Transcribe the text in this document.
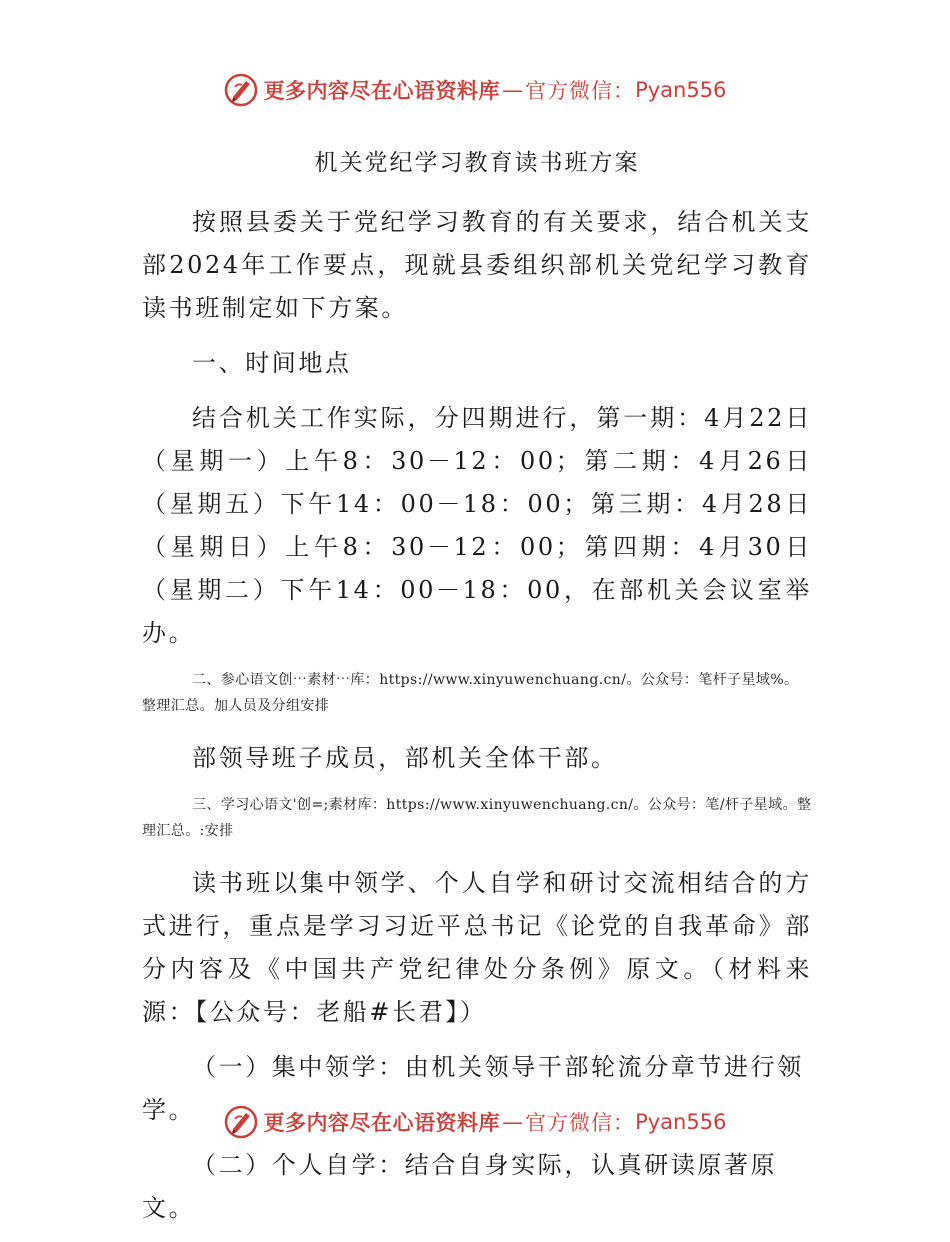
更多内容尽在心语资料库 — 官方微信： Pyan556
机关党纪学习教育读书班方案

按照县委关于党纪学习教育的有关要求，结合机关支部2024年工作要点，现就县委组织部机关党纪学习教育读书班制定如下方案。

一、时间地点

结合机关工作实际，分四期进行，第一期：4月22日（星期一）上午8：30－12：00；第二期：4月26日（星期五）下午14：00－18：00；第三期：4月28日（星期日）上午8：30－12：00；第四期：4月30日（星期二）下午14：00－18：00，在部机关会议室举办。

二、参心语文创⋯素材⋯库：https://www.xinyuwenchuang.cn/。公众号：笔杆子星域%。整理汇总。加人员及分组安排

部领导班子成员，部机关全体干部。

三、学习心语文'创=;素材库：https://www.xinyuwenchuang.cn/。公众号：笔/杆子星域。整理汇总。:安排

读书班以集中领学、个人自学和研讨交流相结合的方式进行，重点是学习习近平总书记《论党的自我革命》部分内容及《中国共产党纪律处分条例》原文。（材料来源：【公众号：老船#长君】）

（一）集中领学：由机关领导干部轮流分章节进行领学。

（二）个人自学：结合自身实际，认真研读原著原文。

更多内容尽在心语资料库 — 官方微信： Pyan556
